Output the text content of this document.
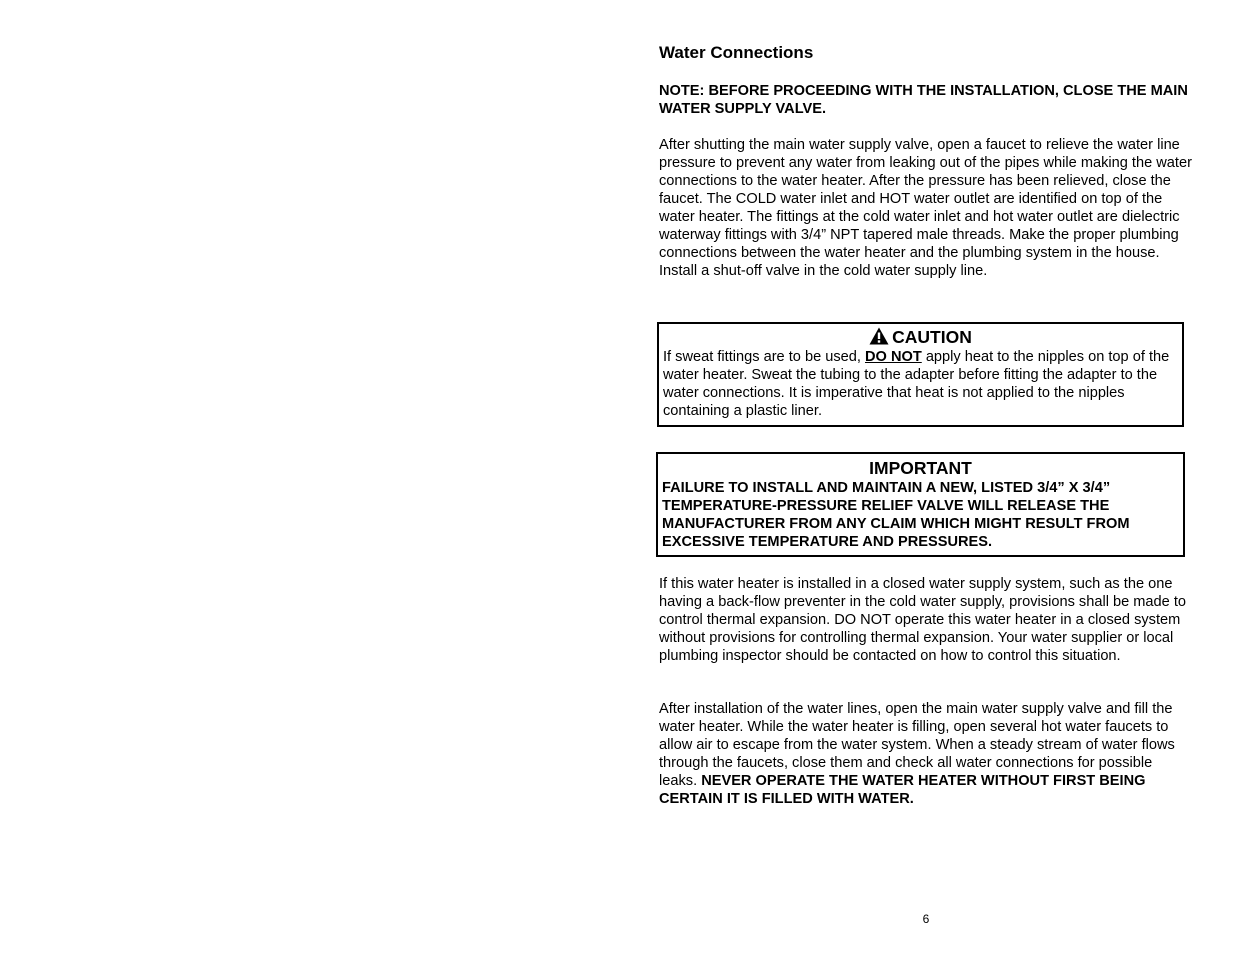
Water Connections

NOTE: BEFORE PROCEEDING WITH THE INSTALLATION, CLOSE THE MAIN WATER SUPPLY VALVE.

After shutting the main water supply valve, open a faucet to relieve the water line pressure to prevent any water from leaking out of the pipes while making the water connections to the water heater. After the pressure has been relieved, close the faucet. The COLD water inlet and HOT water outlet are identified on top of the water heater. The fittings at the cold water inlet and hot water outlet are dielectric waterway fittings with 3/4” NPT tapered male threads. Make the proper plumbing connections between the water heater and the plumbing system in the house. Install a shut-off valve in the cold water supply line.

CAUTION

If sweat fittings are to be used, DO NOT apply heat to the nipples on top of the water heater. Sweat the tubing to the adapter before fitting the adapter to the water connections. It is imperative that heat is not applied to the nipples containing a plastic liner.

IMPORTANT

FAILURE TO INSTALL AND MAINTAIN A NEW, LISTED 3/4” X 3/4” TEMPERATURE-PRESSURE RELIEF VALVE WILL RELEASE THE MANUFACTURER FROM ANY CLAIM WHICH MIGHT RESULT FROM EXCESSIVE TEMPERATURE AND PRESSURES.

If this water heater is installed in a closed water supply system, such as the one having a back-flow preventer in the cold water supply, provisions shall be made to control thermal expansion. DO NOT operate this water heater in a closed system without provisions for controlling thermal expansion. Your water supplier or local plumbing inspector should be contacted on how to control this situation.

After installation of the water lines, open the main water supply valve and fill the water heater. While the water heater is filling, open several hot water faucets to allow air to escape from the water system. When a steady stream of water flows through the faucets, close them and check all water connections for possible leaks. NEVER OPERATE THE WATER HEATER WITHOUT FIRST BEING CERTAIN IT IS FILLED WITH WATER.

6
